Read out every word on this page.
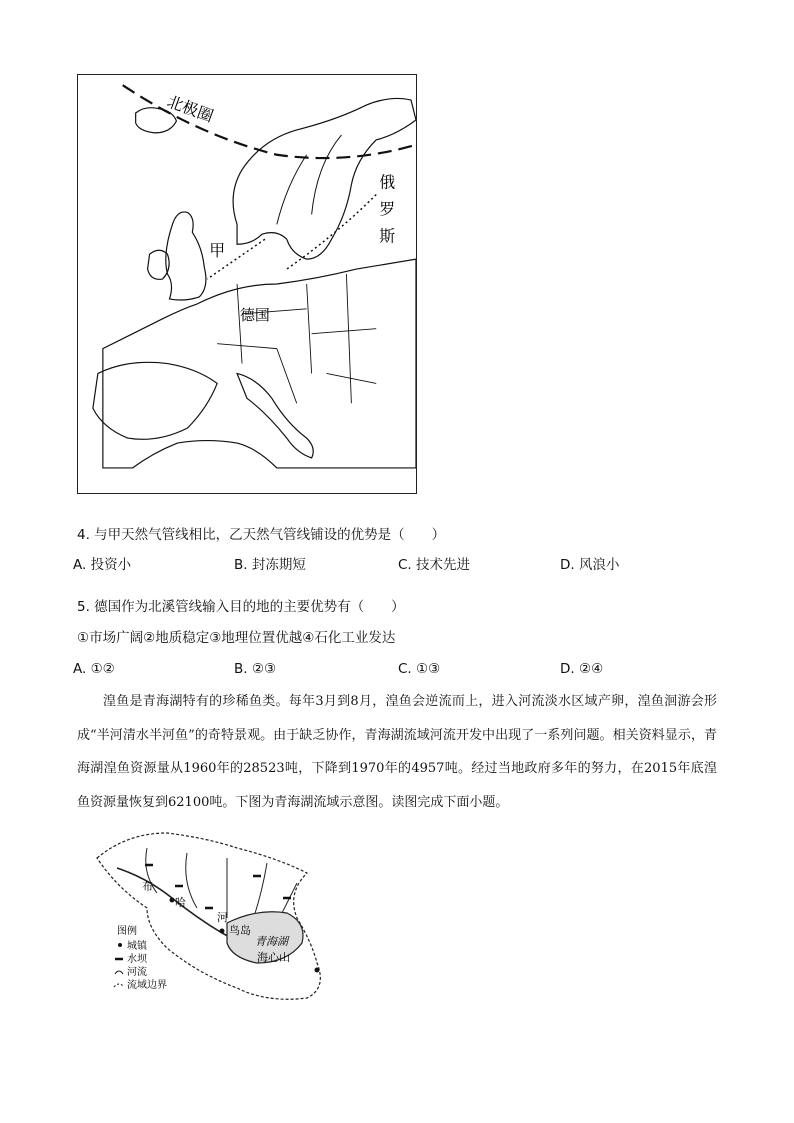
北极圈
俄
罗
斯
甲
德国
4. 与甲天然气管线相比，乙天然气管线铺设的优势是（　　）
A. 投资小	B. 封冻期短	C. 技术先进	D. 风浪小
5. 德国作为北溪管线输入目的地的主要优势有（　　）
①市场广阔②地质稳定③地理位置优越④石化工业发达
A. ①②	B. ②③	C. ①③	D. ②④

湟鱼是青海湖特有的珍稀鱼类。每年3月到8月，湟鱼会逆流而上，进入河流淡水区域产卵，湟鱼洄游会形成“半河清水半河鱼”的奇特景观。由于缺乏协作，青海湖流域河流开发中出现了一系列问题。相关资料显示，青海湖湟鱼资源量从1960年的28523吨，下降到1970年的4957吨。经过当地政府多年的努力，在2015年底湟鱼资源量恢复到62100吨。下图为青海湖流域示意图。读图完成下面小题。

布
哈
河
鸟岛
青海湖
海心山
图例
城镇
水坝
河流
流域边界
